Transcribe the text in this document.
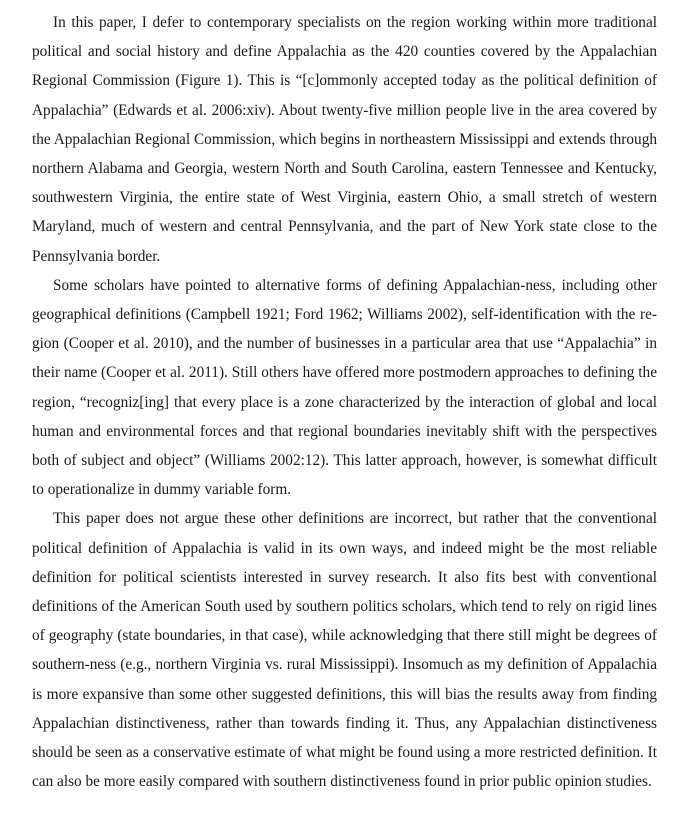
In this paper, I defer to contemporary specialists on the region working within more traditional political and social history and define Appalachia as the 420 counties covered by the Appalachian Regional Commission (Figure 1). This is “[c]ommonly accepted today as the political definition of Appalachia” (Edwards et al. 2006:xiv). About twenty-five million people live in the area covered by the Appalachian Regional Commission, which begins in northeastern Mississippi and extends through northern Alabama and Georgia, western North and South Carolina, eastern Tennessee and Kentucky, southwestern Virginia, the entire state of West Virginia, eastern Ohio, a small stretch of western Maryland, much of western and central Pennsylvania, and the part of New York state close to the Pennsylvania border.

Some scholars have pointed to alternative forms of defining Appalachian-ness, including other geographical definitions (Campbell 1921; Ford 1962; Williams 2002), self-identification with the region (Cooper et al. 2010), and the number of businesses in a particular area that use “Appalachia” in their name (Cooper et al. 2011). Still others have offered more postmodern approaches to defining the region, “recogniz[ing] that every place is a zone characterized by the interaction of global and local human and environmental forces and that regional boundaries inevitably shift with the perspectives both of subject and object” (Williams 2002:12). This latter approach, however, is somewhat difficult to operationalize in dummy variable form.

This paper does not argue these other definitions are incorrect, but rather that the conventional political definition of Appalachia is valid in its own ways, and indeed might be the most reliable definition for political scientists interested in survey research. It also fits best with conventional definitions of the American South used by southern politics scholars, which tend to rely on rigid lines of geography (state boundaries, in that case), while acknowledging that there still might be degrees of southern-ness (e.g., northern Virginia vs. rural Mississippi). Insomuch as my definition of Appalachia is more expansive than some other suggested definitions, this will bias the results away from finding Appalachian distinctiveness, rather than towards finding it. Thus, any Appalachian distinctiveness should be seen as a conservative estimate of what might be found using a more restricted definition. It can also be more easily compared with southern distinctiveness found in prior public opinion studies.
